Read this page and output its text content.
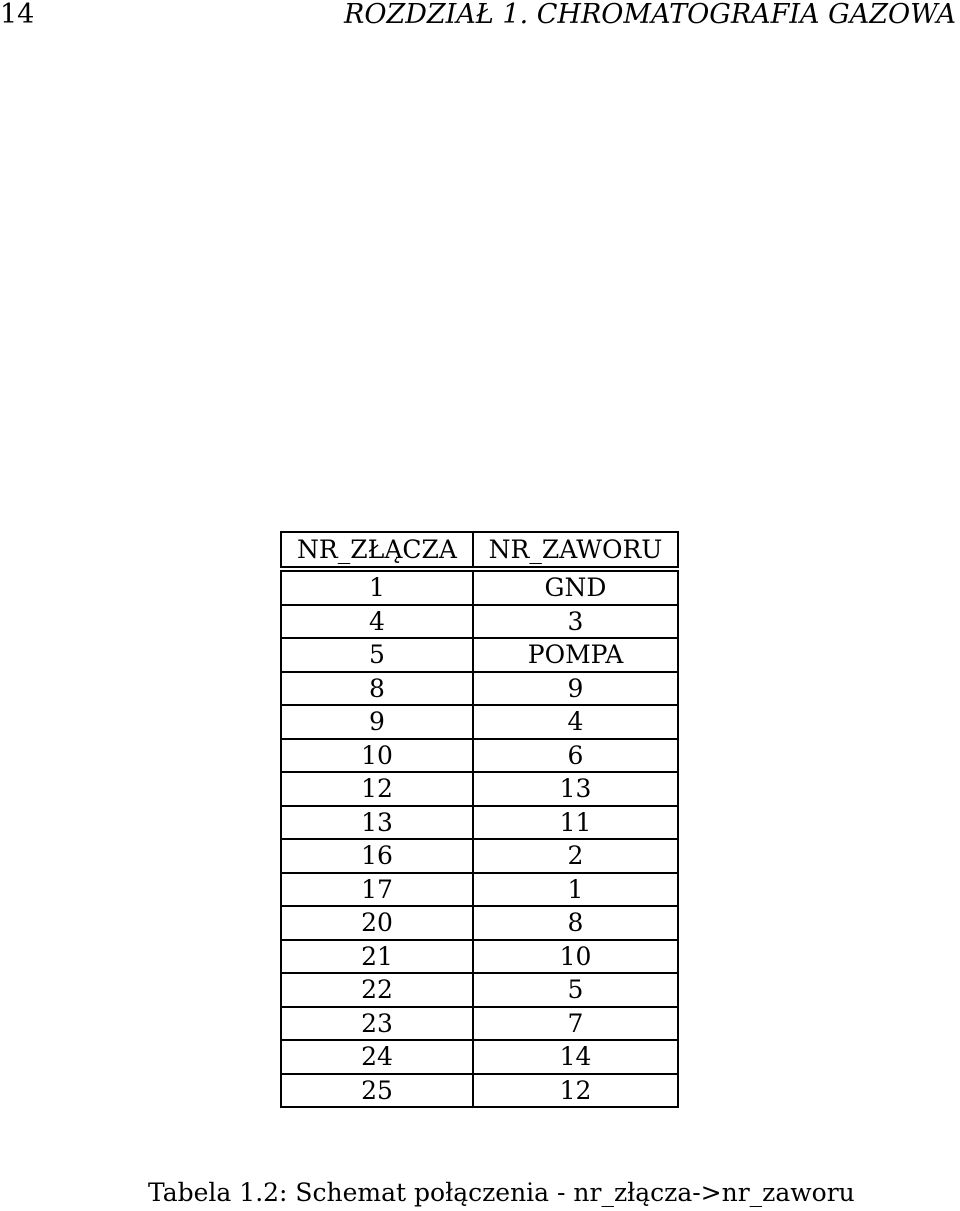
14	ROZDZIAŁ 1. CHROMATOGRAFIA GAZOWA
NR_ZŁĄCZA	NR_ZAWORU
1	GND
4	3
5	POMPA
8	9
9	4
10	6
12	13
13	11
16	2
17	1
20	8
21	10
22	5
23	7
24	14
25	12
Tabela 1.2: Schemat połączenia - nr_złącza->nr_zaworu
